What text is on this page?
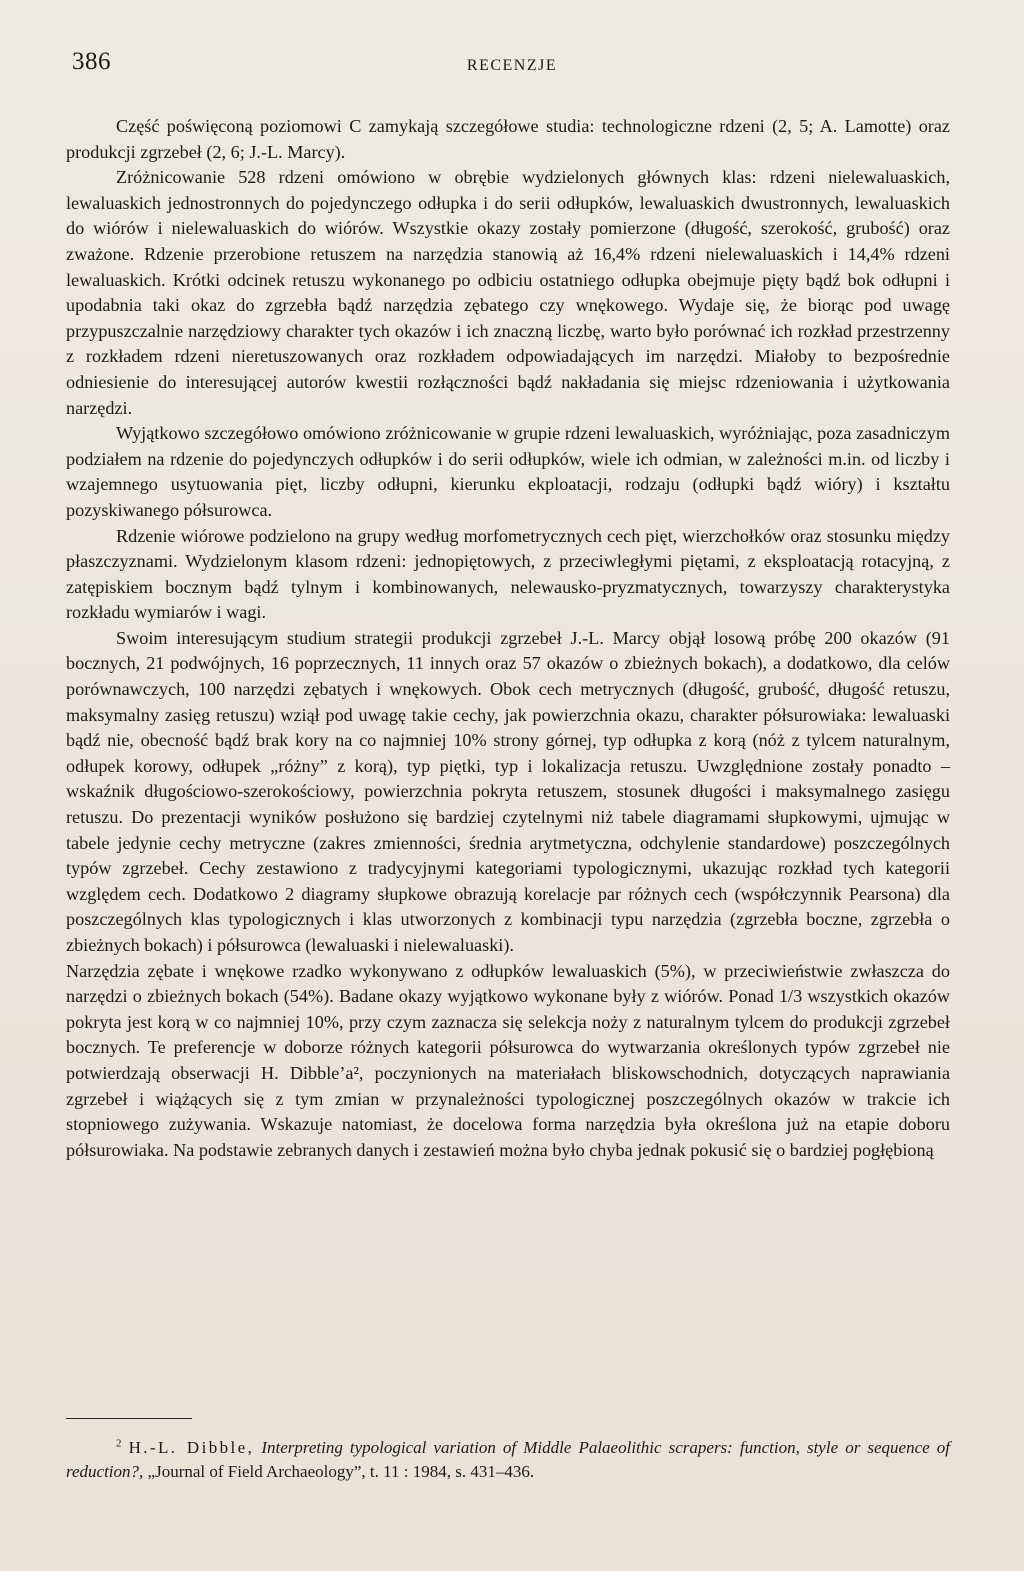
386	RECENZJE

Część poświęconą poziomowi C zamykają szczegółowe studia: technologiczne rdzeni (2, 5; A. Lamotte) oraz produkcji zgrzebeł (2, 6; J.-L. Marcy).

Zróżnicowanie 528 rdzeni omówiono w obrębie wydzielonych głównych klas: rdzeni nielewaluaskich, lewaluaskich jednostronnych do pojedynczego odłupka i do serii odłupków, lewaluaskich dwustronnych, lewaluaskich do wiórów i nielewaluaskich do wiórów. Wszystkie okazy zostały pomierzone (długość, szerokość, grubość) oraz zważone. Rdzenie przerobione retuszem na narzędzia stanowią aż 16,4% rdzeni nielewaluaskich i 14,4% rdzeni lewaluaskich. Krótki odcinek retuszu wykonanego po odbiciu ostatniego odłupka obejmuje pięty bądź bok odłupni i upodabnia taki okaz do zgrzebła bądź narzędzia zębatego czy wnękowego. Wydaje się, że biorąc pod uwagę przypuszczalnie narzędziowy charakter tych okazów i ich znaczną liczbę, warto było porównać ich rozkład przestrzenny z rozkładem rdzeni nieretuszowanych oraz rozkładem odpowiadających im narzędzi. Miałoby to bezpośrednie odniesienie do interesującej autorów kwestii rozłączności bądź nakładania się miejsc rdzeniowania i użytkowania narzędzi.

Wyjątkowo szczegółowo omówiono zróżnicowanie w grupie rdzeni lewaluaskich, wyróżniając, poza zasadniczym podziałem na rdzenie do pojedynczych odłupków i do serii odłupków, wiele ich odmian, w zależności m.in. od liczby i wzajemnego usytuowania pięt, liczby odłupni, kierunku ekploatacji, rodzaju (odłupki bądź wióry) i kształtu pozyskiwanego półsurowca.

Rdzenie wiórowe podzielono na grupy według morfometrycznych cech pięt, wierzchołków oraz stosunku między płaszczyznami. Wydzielonym klasom rdzeni: jednopiętowych, z przeciwległymi piętami, z eksploatacją rotacyjną, z zatępiskiem bocznym bądź tylnym i kombinowanych, nelewausko-pryzmatycznych, towarzyszy charakterystyka rozkładu wymiarów i wagi.

Swoim interesującym studium strategii produkcji zgrzebeł J.-L. Marcy objął losową próbę 200 okazów (91 bocznych, 21 podwójnych, 16 poprzecznych, 11 innych oraz 57 okazów o zbieżnych bokach), a dodatkowo, dla celów porównawczych, 100 narzędzi zębatych i wnękowych. Obok cech metrycznych (długość, grubość, długość retuszu, maksymalny zasięg retuszu) wziął pod uwagę takie cechy, jak powierzchnia okazu, charakter półsurowiaka: lewaluaski bądź nie, obecność bądź brak kory na co najmniej 10% strony górnej, typ odłupka z korą (nóż z tylcem naturalnym, odłupek korowy, odłupek „różny” z korą), typ piętki, typ i lokalizacja retuszu. Uwzględnione zostały ponadto – wskaźnik długościowo-szerokościowy, powierzchnia pokryta retuszem, stosunek długości i maksymalnego zasięgu retuszu. Do prezentacji wyników posłużono się bardziej czytelnymi niż tabele diagramami słupkowymi, ujmując w tabele jedynie cechy metryczne (zakres zmienności, średnia arytmetyczna, odchylenie standardowe) poszczególnych typów zgrzebeł. Cechy zestawiono z tradycyjnymi kategoriami typologicznymi, ukazując rozkład tych kategorii względem cech. Dodatkowo 2 diagramy słupkowe obrazują korelacje par różnych cech (współczynnik Pearsona) dla poszczególnych klas typologicznych i klas utworzonych z kombinacji typu narzędzia (zgrzebła boczne, zgrzebła o zbieżnych bokach) i półsurowca (lewaluaski i nielewaluaski).

Narzędzia zębate i wnękowe rzadko wykonywano z odłupków lewaluaskich (5%), w przeciwieństwie zwłaszcza do narzędzi o zbieżnych bokach (54%). Badane okazy wyjątkowo wykonane były z wiórów. Ponad 1/3 wszystkich okazów pokryta jest korą w co najmniej 10%, przy czym zaznacza się selekcja noży z naturalnym tylcem do produkcji zgrzebeł bocznych. Te preferencje w doborze różnych kategorii półsurowca do wytwarzania określonych typów zgrzebeł nie potwierdzają obserwacji H. Dibble’a², poczynionych na materiałach bliskowschodnich, dotyczących naprawiania zgrzebeł i wiążących się z tym zmian w przynależności typologicznej poszczególnych okazów w trakcie ich stopniowego zużywania. Wskazuje natomiast, że docelowa forma narzędzia była określona już na etapie doboru półsurowiaka. Na podstawie zebranych danych i zestawień można było chyba jednak pokusić się o bardziej pogłębioną

$^2$ H.-L. Dibble, Interpreting typological variation of Middle Palaeolithic scrapers: function, style or sequence of reduction?, „Journal of Field Archaeology”, t. 11 : 1984, s. 431–436.
